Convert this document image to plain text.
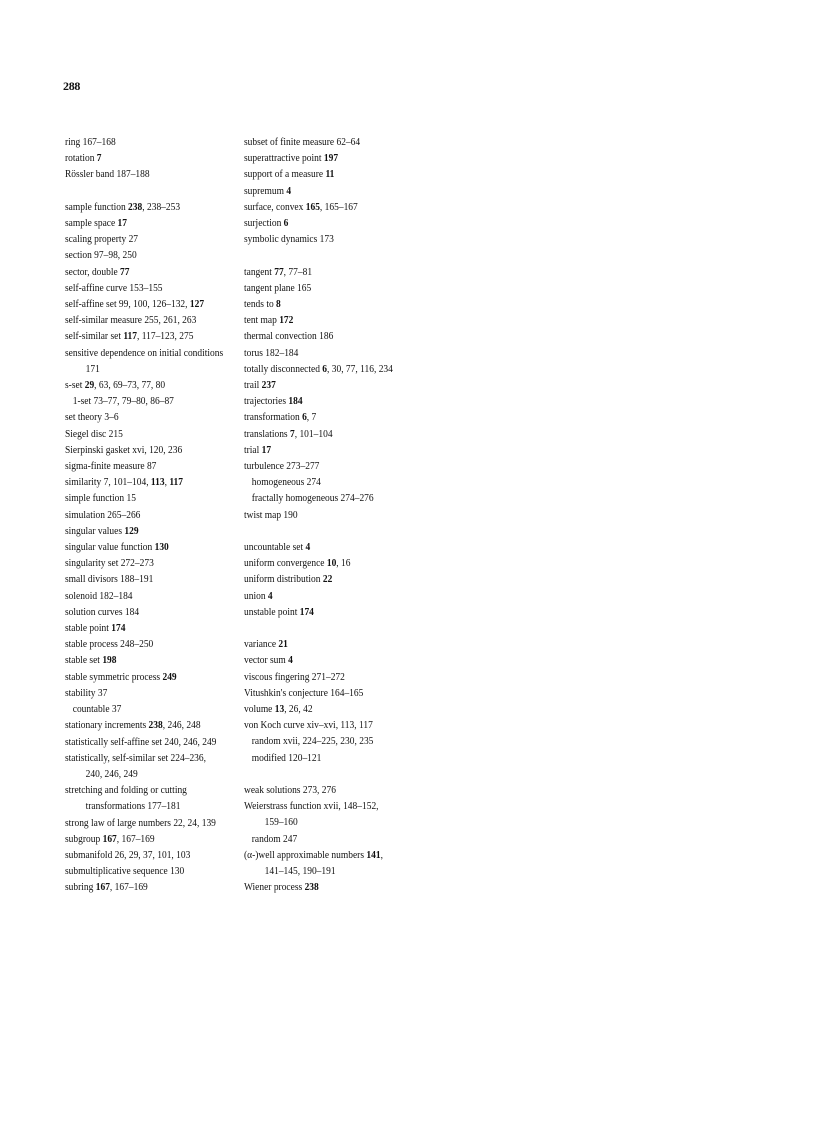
288
ring 167–168
rotation 7
Rössler band 187–188
sample function 238, 238–253
sample space 17
scaling property 27
section 97–98, 250
sector, double 77
self-affine curve 153–155
self-affine set 99, 100, 126–132, 127
self-similar measure 255, 261, 263
self-similar set 117, 117–123, 275
sensitive dependence on initial conditions
171
s-set 29, 63, 69–73, 77, 80
1-set 73–77, 79–80, 86–87
set theory 3–6
Siegel disc 215
Sierpinski gasket xvi, 120, 236
sigma-finite measure 87
similarity 7, 101–104, 113, 117
simple function 15
simulation 265–266
singular values 129
singular value function 130
singularity set 272–273
small divisors 188–191
solenoid 182–184
solution curves 184
stable point 174
stable process 248–250
stable set 198
stable symmetric process 249
stability 37
countable 37
stationary increments 238, 246, 248
statistically self-affine set 240, 246, 249
statistically, self-similar set 224–236,
240, 246, 249
stretching and folding or cutting
transformations 177–181
strong law of large numbers 22, 24, 139
subgroup 167, 167–169
submanifold 26, 29, 37, 101, 103
submultiplicative sequence 130
subring 167, 167–169
subset of finite measure 62–64
superattractive point 197
support of a measure 11
supremum 4
surface, convex 165, 165–167
surjection 6
symbolic dynamics 173
tangent 77, 77–81
tangent plane 165
tends to 8
tent map 172
thermal convection 186
torus 182–184
totally disconnected 6, 30, 77, 116, 234
trail 237
trajectories 184
transformation 6, 7
translations 7, 101–104
trial 17
turbulence 273–277
homogeneous 274
fractally homogeneous 274–276
twist map 190
uncountable set 4
uniform convergence 10, 16
uniform distribution 22
union 4
unstable point 174
variance 21
vector sum 4
viscous fingering 271–272
Vitushkin's conjecture 164–165
volume 13, 26, 42
von Koch curve xiv–xvi, 113, 117
random xvii, 224–225, 230, 235
modified 120–121
weak solutions 273, 276
Weierstrass function xvii, 148–152,
159–160
random 247
(α-)well approximable numbers 141,
141–145, 190–191
Wiener process 238
